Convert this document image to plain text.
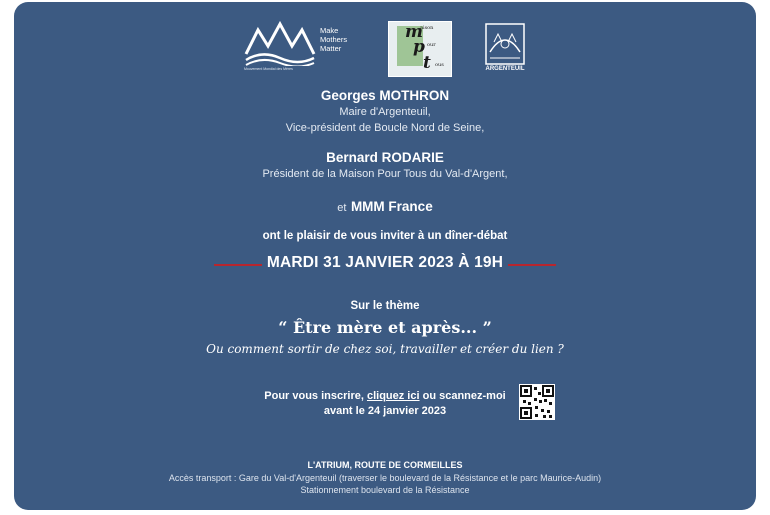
Make
Mothers
Matter
Mouvement Mondial des Mères
m
aison
p our
t ous
ARGENTEUIL
Georges MOTHRON
Maire d'Argenteuil,
Vice-président de Boucle Nord de Seine,
Bernard RODARIE
Président de la Maison Pour Tous du Val-d'Argent,
et MMM France
ont le plaisir de vous inviter à un dîner-débat
MARDI 31 JANVIER 2023 À 19H
Sur le thème
“ Être mère et après... ”
Ou comment sortir de chez soi, travailler et créer du lien ?
Pour vous inscrire, cliquez ici ou scannez-moi
avant le 24 janvier 2023
L'ATRIUM, ROUTE DE CORMEILLES
Accès transport : Gare du Val-d'Argenteuil (traverser le boulevard de la Résistance et le parc Maurice-Audin)
Stationnement boulevard de la Résistance
